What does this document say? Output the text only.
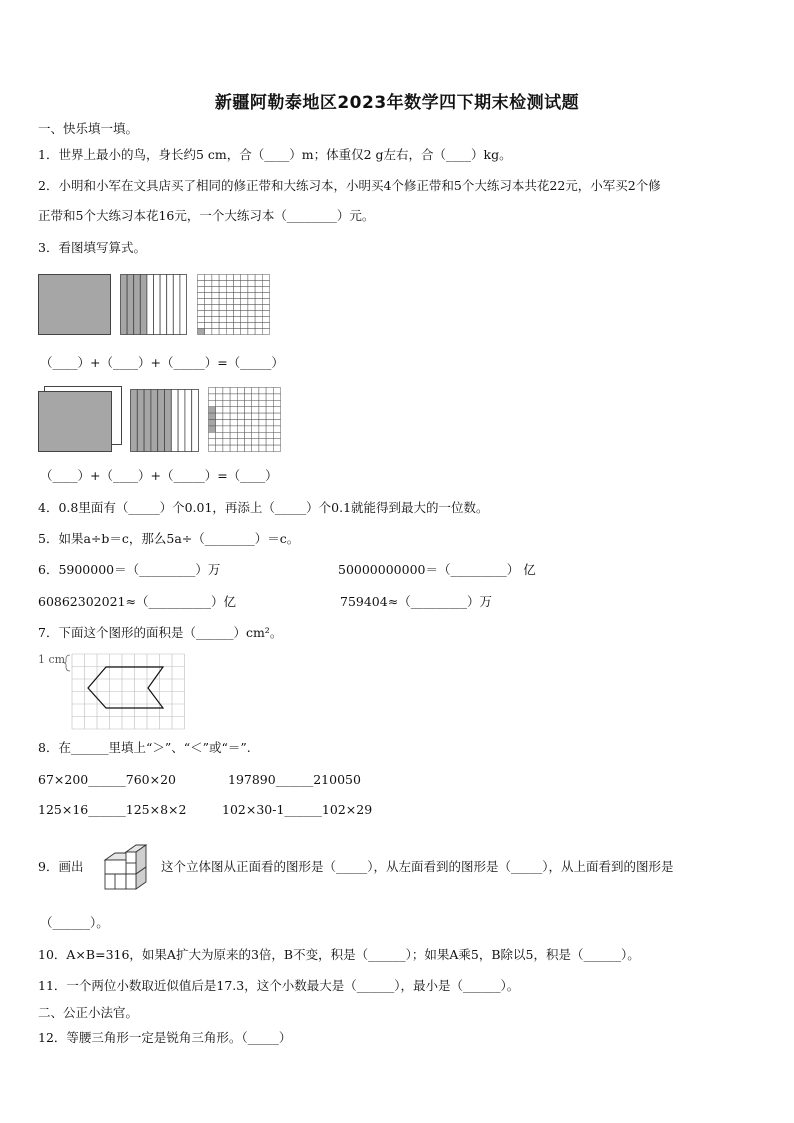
新疆阿勒泰地区2023年数学四下期末检测试题
一、快乐填一填。
1．世界上最小的鸟，身长约5 cm，合（____）m；体重仅2 g左右，合（____）kg。
2．小明和小军在文具店买了相同的修正带和大练习本，小明买4个修正带和5个大练习本共花22元，小军买2个修
正带和5个大练习本花16元，一个大练习本（________）元。
3．看图填写算式。
（____）+（____）+（_____）=（_____）
（____）+（____）+（_____）=（____）
4．0.8里面有（_____）个0.01，再添上（_____）个0.1就能得到最大的一位数。
5．如果a÷b＝c，那么5a÷（________）＝c。
6．5900000＝（_________）万	50000000000＝（_________） 亿
60862302021≈（__________）亿	759404≈（_________）万
7．下面这个图形的面积是（______）cm²。
1 cm
8．在______里填上“＞”、“＜”或“＝”.
67×200______760×20	197890______210050
125×16______125×8×2	102×30-1______102×29
9．画出	这个立体图从正面看的图形是（_____），从左面看到的图形是（_____），从上面看到的图形是
（______）。
10．A×B=316，如果A扩大为原来的3倍，B不变，积是（______）；如果A乘5，B除以5，积是（______）。
11．一个两位小数取近似值后是17.3，这个小数最大是（______），最小是（______）。
二、公正小法官。
12．等腰三角形一定是锐角三角形。（_____）
